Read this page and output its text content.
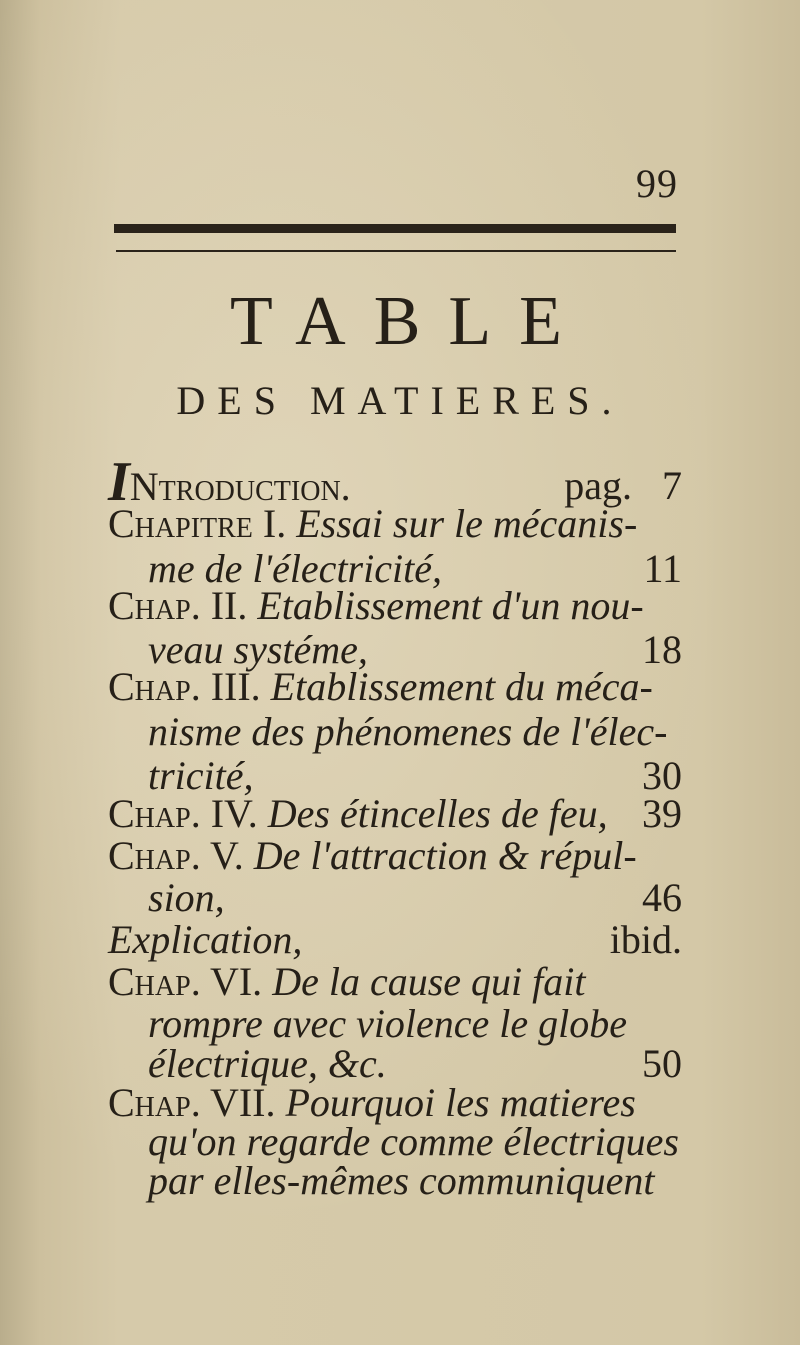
99
TABLE
DES MATIERES.
INtroduction.	pag. 7
Chapitre I. Essai sur le mécanis-
me de l'électricité,	11
Chap. II. Etablissement d'un nou-
veau systéme,	18
Chap. III. Etablissement du méca-
nisme des phénomenes de l'élec-
tricité,	30
Chap. IV. Des étincelles de feu, 39
Chap. V. De l'attraction & répul-
sion,	46
Explication,	ibid.
Chap. VI. De la cause qui fait
rompre avec violence le globe
électrique, &c.	50
Chap. VII. Pourquoi les matieres
qu'on regarde comme électriques
par elles-mêmes communiquent
